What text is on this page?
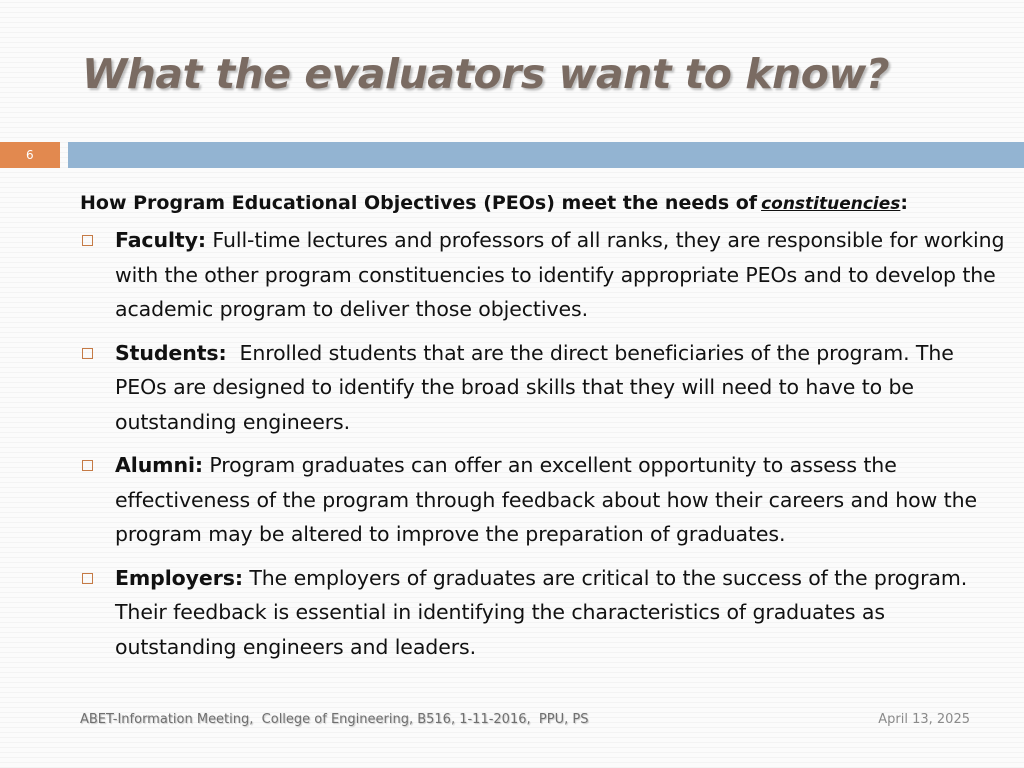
What the evaluators want to know?
6

How Program Educational Objectives (PEOs) meet the needs of constituencies:

Faculty: Full-time lectures and professors of all ranks, they are responsible for working with the other program constituencies to identify appropriate PEOs and to develop the academic program to deliver those objectives.
Students:  Enrolled students that are the direct beneficiaries of the program. The PEOs are designed to identify the broad skills that they will need to have to be outstanding engineers.
Alumni: Program graduates can offer an excellent opportunity to assess the effectiveness of the program through feedback about how their careers and how the program may be altered to improve the preparation of graduates.
Employers: The employers of graduates are critical to the success of the program. Their feedback is essential in identifying the characteristics of graduates as outstanding engineers and leaders.
ABET-Information Meeting,  College of Engineering, B516, 1-11-2016,  PPU, PS	April 13, 2025
